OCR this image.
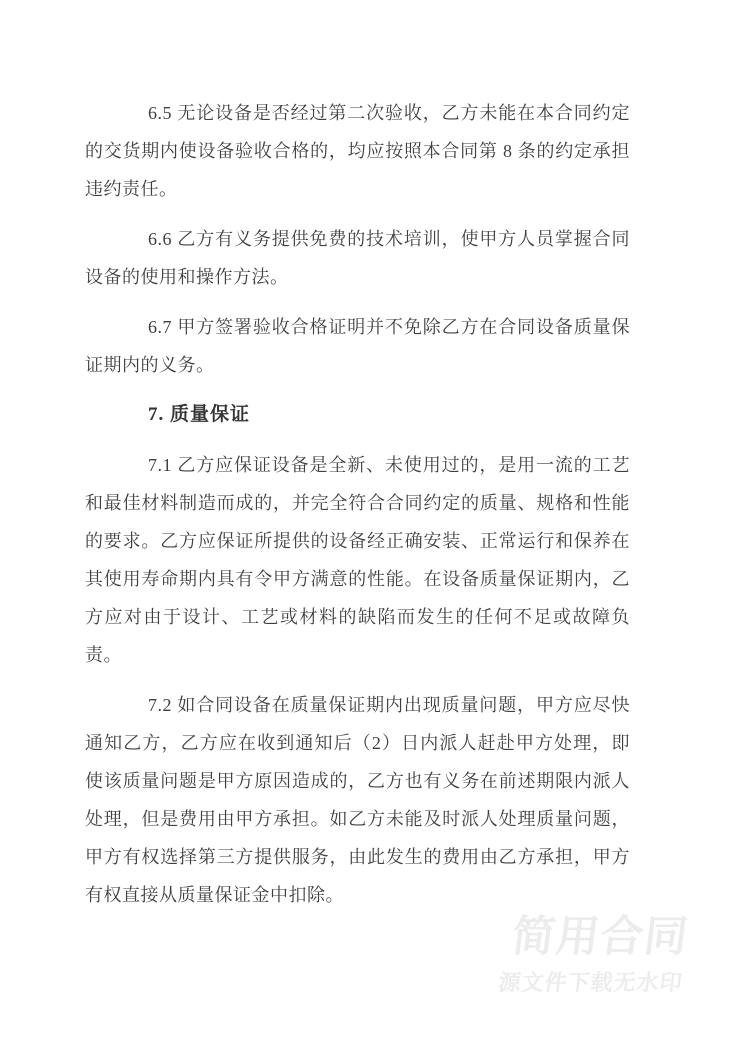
6.5 无论设备是否经过第二次验收，乙方未能在本合同约定的交货期内使设备验收合格的，均应按照本合同第 8 条的约定承担违约责任。

6.6 乙方有义务提供免费的技术培训，使甲方人员掌握合同设备的使用和操作方法。

6.7 甲方签署验收合格证明并不免除乙方在合同设备质量保证期内的义务。

7. 质量保证

7.1 乙方应保证设备是全新、未使用过的，是用一流的工艺和最佳材料制造而成的，并完全符合合同约定的质量、规格和性能的要求。乙方应保证所提供的设备经正确安装、正常运行和保养在其使用寿命期内具有令甲方满意的性能。在设备质量保证期内，乙方应对由于设计、工艺或材料的缺陷而发生的任何不足或故障负责。

7.2 如合同设备在质量保证期内出现质量问题，甲方应尽快通知乙方，乙方应在收到通知后（2）日内派人赶赴甲方处理，即使该质量问题是甲方原因造成的，乙方也有义务在前述期限内派人处理，但是费用由甲方承担。如乙方未能及时派人处理质量问题，甲方有权选择第三方提供服务，由此发生的费用由乙方承担，甲方有权直接从质量保证金中扣除。

简用合同
源文件下载无水印
